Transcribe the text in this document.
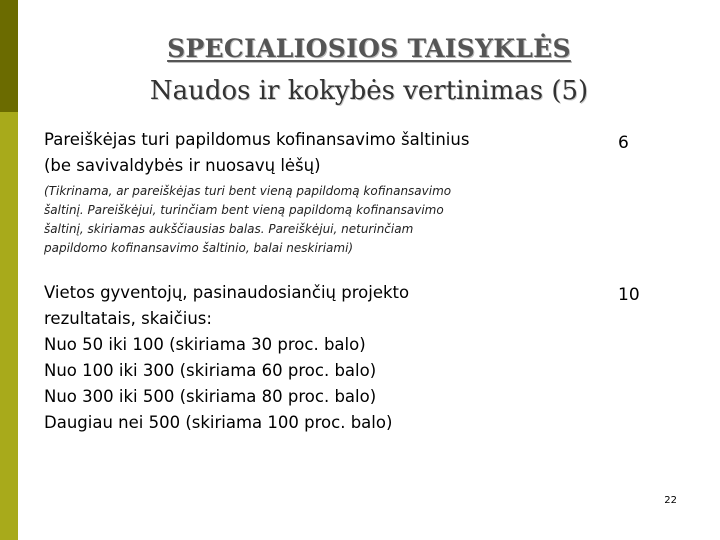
SPECIALIOSIOS TAISYKLĖS
Naudos ir kokybės vertinimas (5)
Pareiškėjas turi papildomus kofinansavimo šaltinius
(be savivaldybės ir nuosavų lėšų)
6
(Tikrinama, ar pareiškėjas turi bent vieną papildomą kofinansavimo
šaltinį. Pareiškėjui, turinčiam bent vieną papildomą kofinansavimo
šaltinį, skiriamas aukščiausias balas. Pareiškėjui, neturinčiam
papildomo kofinansavimo šaltinio, balai neskiriami)
Vietos gyventojų, pasinaudosiančių projekto
rezultatais, skaičius:
Nuo 50 iki 100 (skiriama 30 proc. balo)
Nuo 100 iki 300 (skiriama 60 proc. balo)
Nuo 300 iki 500 (skiriama 80 proc. balo)
Daugiau nei 500 (skiriama 100 proc. balo)
10
22
